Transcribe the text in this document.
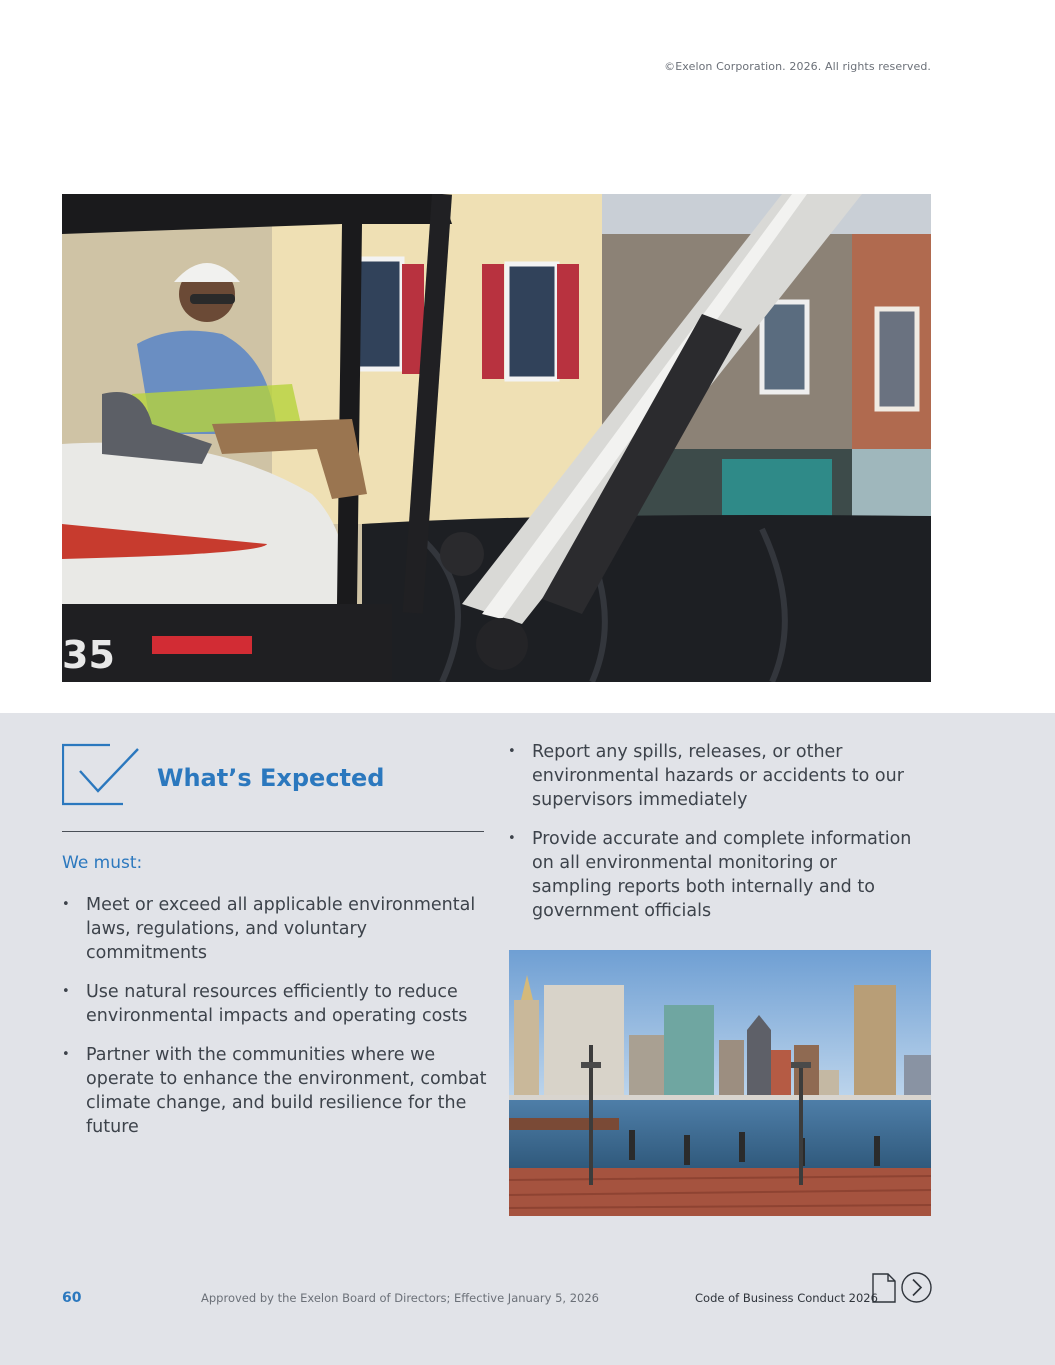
©Exelon Corporation. 2026. All rights reserved.
35
What’s Expected
We must:
• Meet or exceed all applicable environmental laws, regulations, and voluntary commitments
• Use natural resources efficiently to reduce environmental impacts and operating costs
• Partner with the communities where we operate to enhance the environment, combat climate change, and build resilience for the future
• Report any spills, releases, or other environmental hazards or accidents to our supervisors immediately
• Provide accurate and complete information on all environmental monitoring or sampling reports both internally and to government officials
60	Approved by the Exelon Board of Directors; Effective January 5, 2026	Code of Business Conduct 2026
